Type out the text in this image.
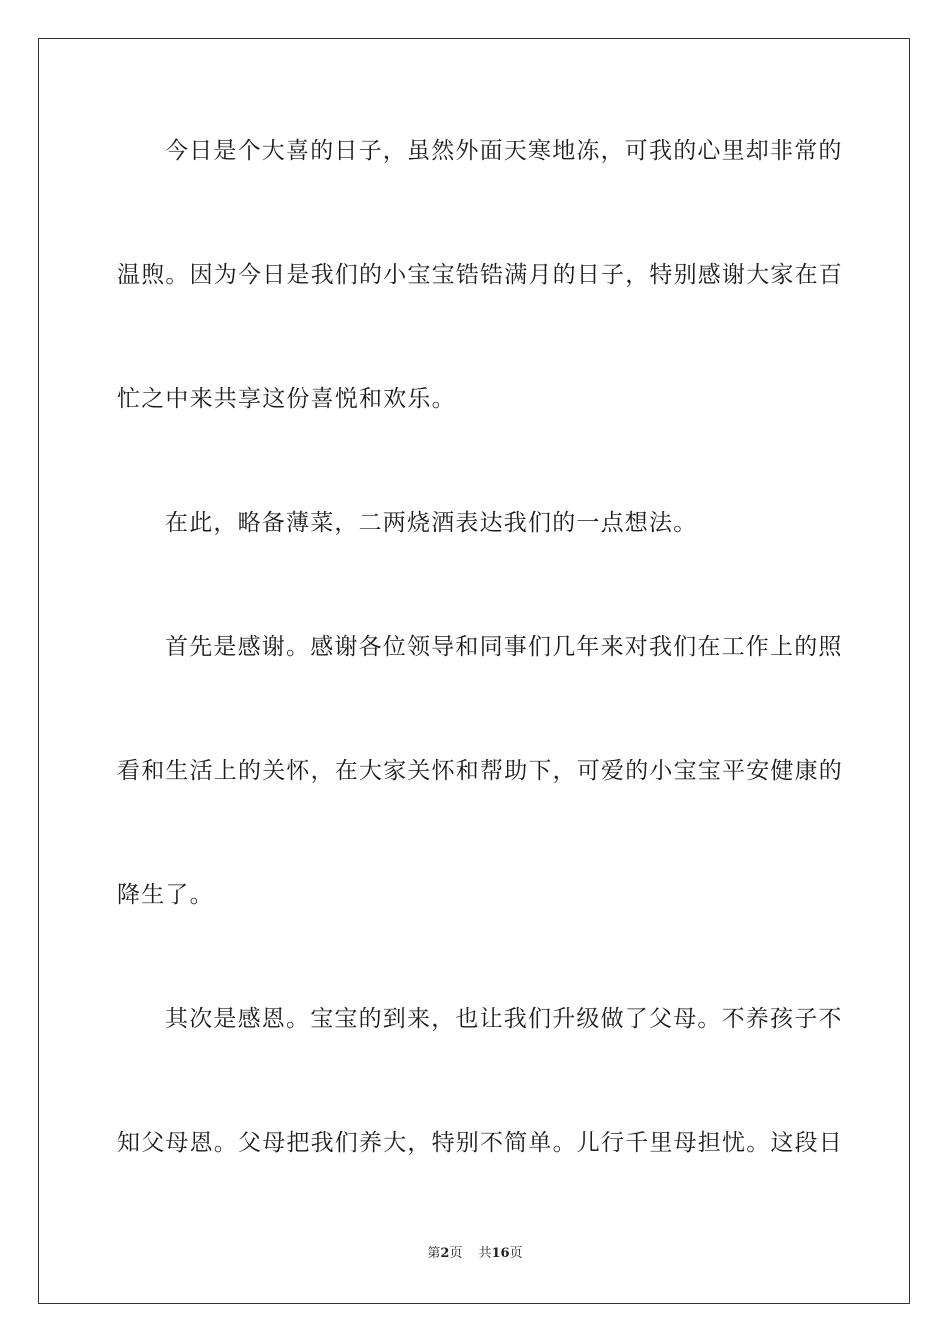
今日是个大喜的日子，虽然外面天寒地冻，可我的心里却非常的
温煦。因为今日是我们的小宝宝锆锆满月的日子，特别感谢大家在百
忙之中来共享这份喜悦和欢乐。
在此，略备薄菜，二两烧酒表达我们的一点想法。
首先是感谢。感谢各位领导和同事们几年来对我们在工作上的照
看和生活上的关怀，在大家关怀和帮助下，可爱的小宝宝平安健康的
降生了。
其次是感恩。宝宝的到来，也让我们升级做了父母。不养孩子不
知父母恩。父母把我们养大，特别不简单。儿行千里母担忧。这段日
第2页 共16页
